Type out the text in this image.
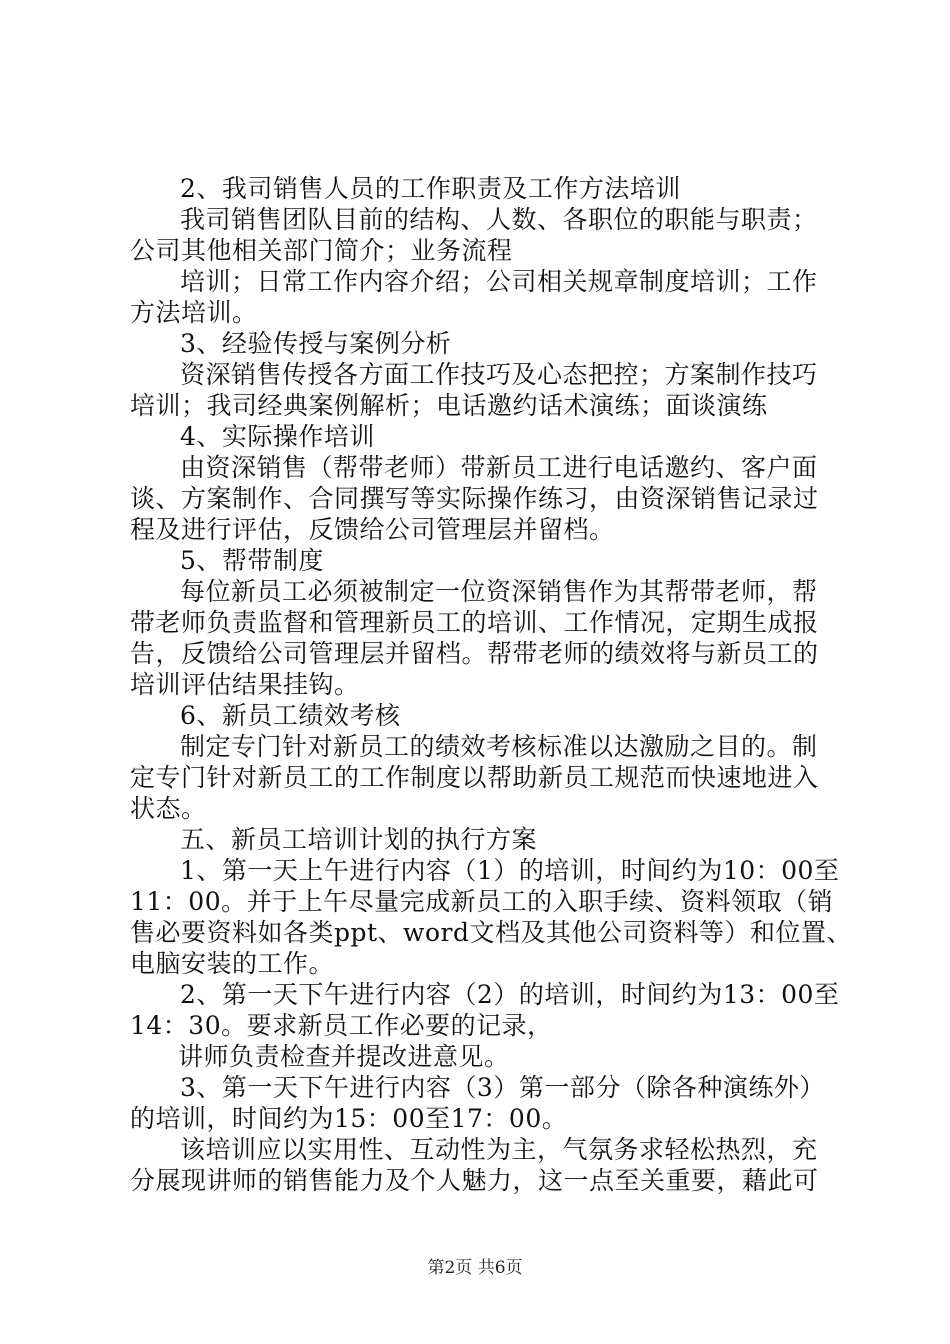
2、我司销售人员的工作职责及工作方法培训
我司销售团队目前的结构、人数、各职位的职能与职责；
公司其他相关部门简介；业务流程
培训；日常工作内容介绍；公司相关规章制度培训；工作
方法培训。
3、经验传授与案例分析
资深销售传授各方面工作技巧及心态把控；方案制作技巧
培训；我司经典案例解析；电话邀约话术演练；面谈演练
4、实际操作培训
由资深销售（帮带老师）带新员工进行电话邀约、客户面
谈、方案制作、合同撰写等实际操作练习，由资深销售记录过
程及进行评估，反馈给公司管理层并留档。
5、帮带制度
每位新员工必须被制定一位资深销售作为其帮带老师，帮
带老师负责监督和管理新员工的培训、工作情况，定期生成报
告，反馈给公司管理层并留档。帮带老师的绩效将与新员工的
培训评估结果挂钩。
6、新员工绩效考核
制定专门针对新员工的绩效考核标准以达激励之目的。制
定专门针对新员工的工作制度以帮助新员工规范而快速地进入
状态。
五、新员工培训计划的执行方案
1、第一天上午进行内容（1）的培训，时间约为10：00至
11：00。并于上午尽量完成新员工的入职手续、资料领取（销
售必要资料如各类ppt、word文档及其他公司资料等）和位置、
电脑安装的工作。
2、第一天下午进行内容（2）的培训，时间约为13：00至
14：30。要求新员工作必要的记录，
讲师负责检查并提改进意见。
3、第一天下午进行内容（3）第一部分（除各种演练外）
的培训，时间约为15：00至17：00。
该培训应以实用性、互动性为主，气氛务求轻松热烈，充
分展现讲师的销售能力及个人魅力，这一点至关重要，藉此可
第2页 共6页
